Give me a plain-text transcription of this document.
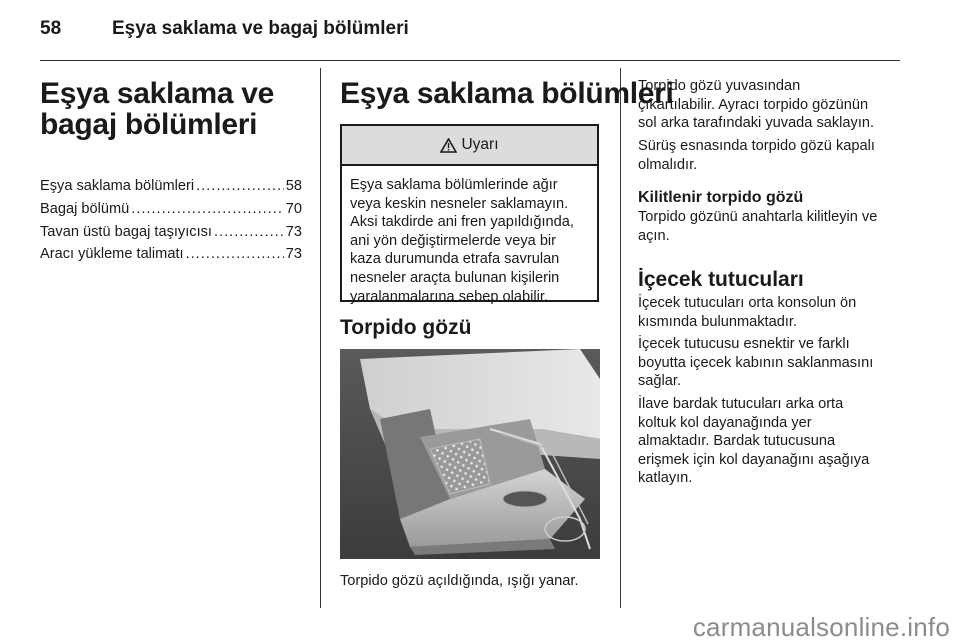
58	Eşya saklama ve bagaj bölümleri
Eşya saklama ve
bagaj bölümleri
Eşya saklama bölümleri .....	58
Bagaj bölümü .....	70
Tavan üstü bagaj taşıyıcısı .....	73
Aracı yükleme talimatı .....	73
Eşya saklama bölümleri
Uyarı
Eşya saklama bölümlerinde ağır
veya keskin nesneler saklamayın.
Aksi takdirde ani fren yapıldığında,
ani yön değiştirmelerde veya bir
kaza durumunda etrafa savrulan
nesneler araçta bulunan kişilerin
yaralanmalarına sebep olabilir.
Torpido gözü
Torpido gözü açıldığında, ışığı yanar.
Torpido gözü yuvasından
çıkartılabilir. Ayracı torpido gözünün
sol arka tarafındaki yuvada saklayın.
Sürüş esnasında torpido gözü kapalı
olmalıdır.
Kilitlenir torpido gözü
Torpido gözünü anahtarla kilitleyin ve
açın.
İçecek tutucuları
İçecek tutucuları orta konsolun ön
kısmında bulunmaktadır.
İçecek tutucusu esnektir ve farklı
boyutta içecek kabının saklanmasını
sağlar.
İlave bardak tutucuları arka orta
koltuk kol dayanağında yer
almaktadır. Bardak tutucusuna
erişmek için kol dayanağını aşağıya
katlayın.
carmanualsonline.info
